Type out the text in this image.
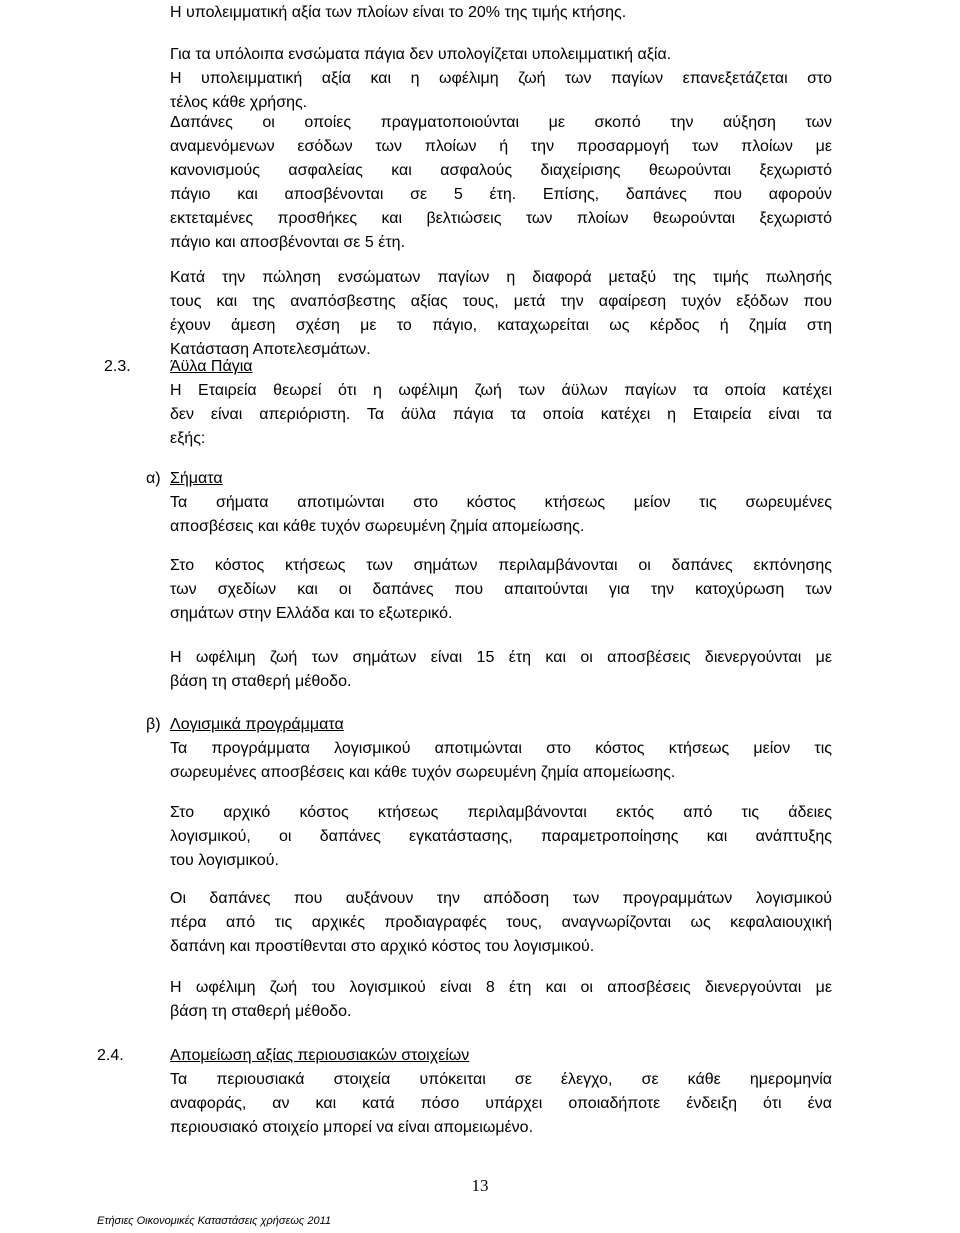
Η υπολειμματική αξία των πλοίων είναι το 20% της τιμής κτήσης.
Για τα υπόλοιπα ενσώματα πάγια δεν υπολογίζεται υπολειμματική αξία.
Η υπολειμματική αξία και η ωφέλιμη ζωή των παγίων επανεξετάζεται στο
τέλος κάθε χρήσης.
Δαπάνες οι οποίες πραγματοποιούνται με σκοπό την αύξηση των
αναμενόμενων εσόδων των πλοίων ή την προσαρμογή των πλοίων με
κανονισμούς ασφαλείας και ασφαλούς διαχείρισης θεωρούνται ξεχωριστό
πάγιο και αποσβένονται σε 5 έτη. Επίσης, δαπάνες που αφορούν
εκτεταμένες προσθήκες και βελτιώσεις των πλοίων θεωρούνται ξεχωριστό
πάγιο και αποσβένονται σε 5 έτη.
Κατά την πώληση ενσώματων παγίων η διαφορά μεταξύ της τιμής πωλησής
τους και της αναπόσβεστης αξίας τους, μετά την αφαίρεση τυχόν εξόδων που
έχουν άμεση σχέση με το πάγιο, καταχωρείται ως κέρδος ή ζημία στη
Κατάσταση Αποτελεσμάτων.
2.3. Άϋλα Πάγια
Η Εταιρεία θεωρεί ότι η ωφέλιμη ζωή των άϋλων παγίων τα οποία κατέχει
δεν είναι απεριόριστη. Τα άϋλα πάγια τα οποία κατέχει η Εταιρεία είναι τα
εξής:
α) Σήματα
Τα σήματα αποτιμώνται στο κόστος κτήσεως μείον τις σωρευμένες
αποσβέσεις και κάθε τυχόν σωρευμένη ζημία απομείωσης.
Στο κόστος κτήσεως των σημάτων περιλαμβάνονται οι δαπάνες εκπόνησης
των σχεδίων και οι δαπάνες που απαιτούνται για την κατοχύρωση των
σημάτων στην Ελλάδα και το εξωτερικό.
Η ωφέλιμη ζωή των σημάτων είναι 15 έτη και οι αποσβέσεις διενεργούνται με
βάση τη σταθερή μέθοδο.
β) Λογισμικά προγράμματα
Τα προγράμματα λογισμικού αποτιμώνται στο κόστος κτήσεως μείον τις
σωρευμένες αποσβέσεις και κάθε τυχόν σωρευμένη ζημία απομείωσης.
Στο αρχικό κόστος κτήσεως περιλαμβάνονται εκτός από τις άδειες
λογισμικού, οι δαπάνες εγκατάστασης, παραμετροποίησης και ανάπτυξης
του λογισμικού.
Οι δαπάνες που αυξάνουν την απόδοση των προγραμμάτων λογισμικού
πέρα από τις αρχικές προδιαγραφές τους, αναγνωρίζονται ως κεφαλαιουχική
δαπάνη και προστίθενται στο αρχικό κόστος του λογισμικού.
Η ωφέλιμη ζωή του λογισμικού είναι 8 έτη και οι αποσβέσεις διενεργούνται με
βάση τη σταθερή μέθοδο.
2.4.	Απομείωση αξίας περιουσιακών στοιχείων
Τα περιουσιακά στοιχεία υπόκειται σε έλεγχο, σε κάθε ημερομηνία
αναφοράς, αν και κατά πόσο υπάρχει οποιαδήποτε ένδειξη ότι ένα
περιουσιακό στοιχείο μπορεί να είναι απομειωμένο.
13
Ετήσιες Οικονομικές Καταστάσεις χρήσεως 2011
